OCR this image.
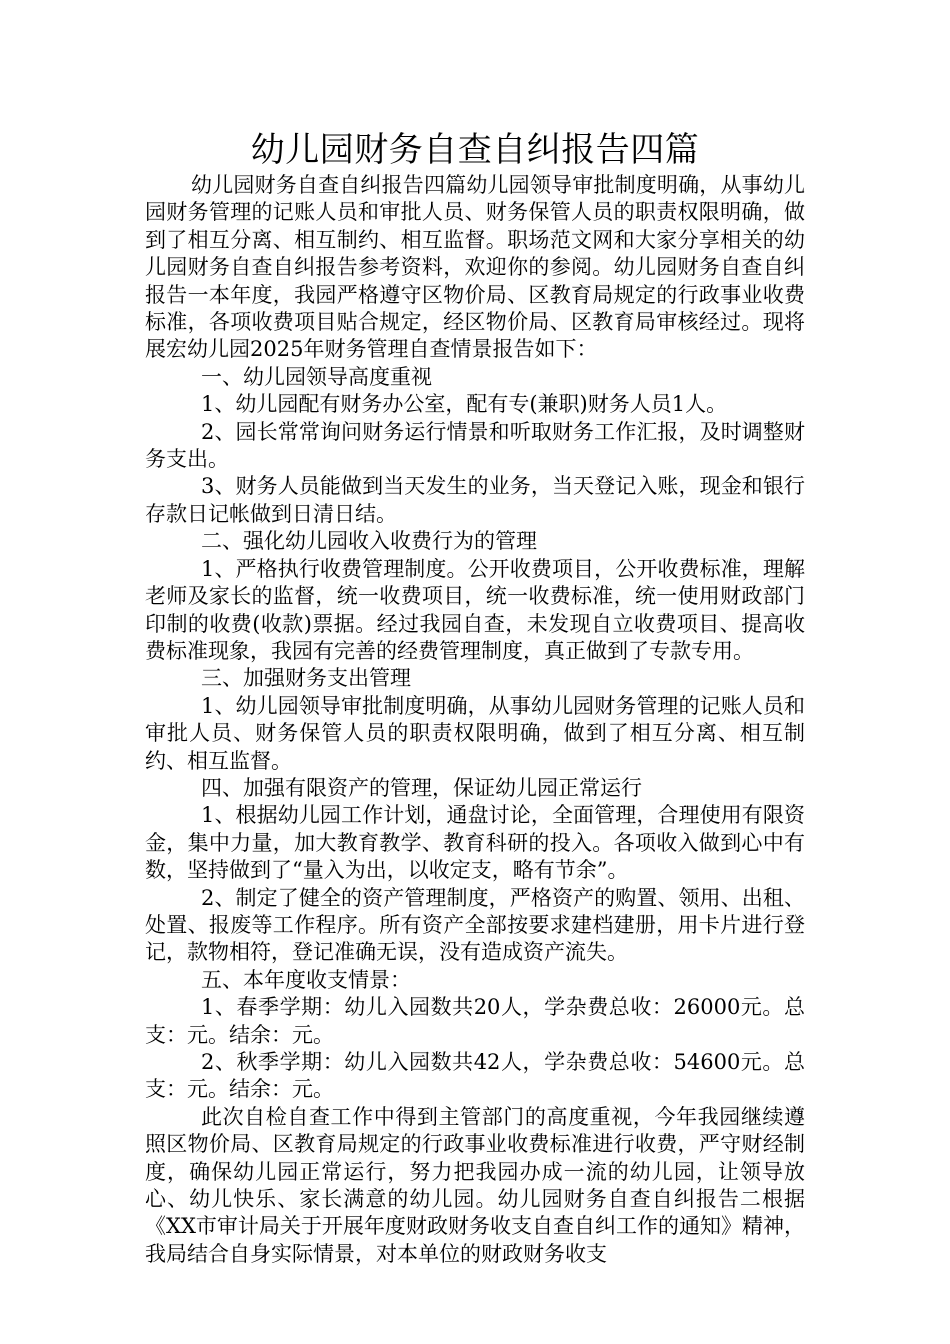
幼儿园财务自查自纠报告四篇

幼儿园财务自查自纠报告四篇幼儿园领导审批制度明确，从事幼儿园财务管理的记账人员和审批人员、财务保管人员的职责权限明确，做到了相互分离、相互制约、相互监督。职场范文网和大家分享相关的幼儿园财务自查自纠报告参考资料，欢迎你的参阅。幼儿园财务自查自纠报告一本年度，我园严格遵守区物价局、区教育局规定的行政事业收费标准，各项收费项目贴合规定，经区物价局、区教育局审核经过。现将展宏幼儿园2025年财务管理自查情景报告如下：

一、幼儿园领导高度重视

1、幼儿园配有财务办公室，配有专(兼职)财务人员1人。

2、园长常常询问财务运行情景和听取财务工作汇报，及时调整财务支出。

3、财务人员能做到当天发生的业务，当天登记入账，现金和银行存款日记帐做到日清日结。

二、强化幼儿园收入收费行为的管理

1、严格执行收费管理制度。公开收费项目，公开收费标准，理解老师及家长的监督，统一收费项目，统一收费标准，统一使用财政部门印制的收费(收款)票据。经过我园自查，未发现自立收费项目、提高收费标准现象，我园有完善的经费管理制度，真正做到了专款专用。

三、加强财务支出管理

1、幼儿园领导审批制度明确，从事幼儿园财务管理的记账人员和审批人员、财务保管人员的职责权限明确，做到了相互分离、相互制约、相互监督。

四、加强有限资产的管理，保证幼儿园正常运行

1、根据幼儿园工作计划，通盘讨论，全面管理，合理使用有限资金，集中力量，加大教育教学、教育科研的投入。各项收入做到心中有数，坚持做到了“量入为出，以收定支，略有节余”。

2、制定了健全的资产管理制度，严格资产的购置、领用、出租、处置、报废等工作程序。所有资产全部按要求建档建册，用卡片进行登记，款物相符，登记准确无误，没有造成资产流失。

五、本年度收支情景：

1、春季学期：幼儿入园数共20人，学杂费总收：26000元。总支：元。结余：元。

2、秋季学期：幼儿入园数共42人，学杂费总收：54600元。总支：元。结余：元。

此次自检自查工作中得到主管部门的高度重视，今年我园继续遵照区物价局、区教育局规定的行政事业收费标准进行收费，严守财经制度，确保幼儿园正常运行，努力把我园办成一流的幼儿园，让领导放心、幼儿快乐、家长满意的幼儿园。幼儿园财务自查自纠报告二根据《XX市审计局关于开展年度财政财务收支自查自纠工作的通知》精神，我局结合自身实际情景，对本单位的财政财务收支
